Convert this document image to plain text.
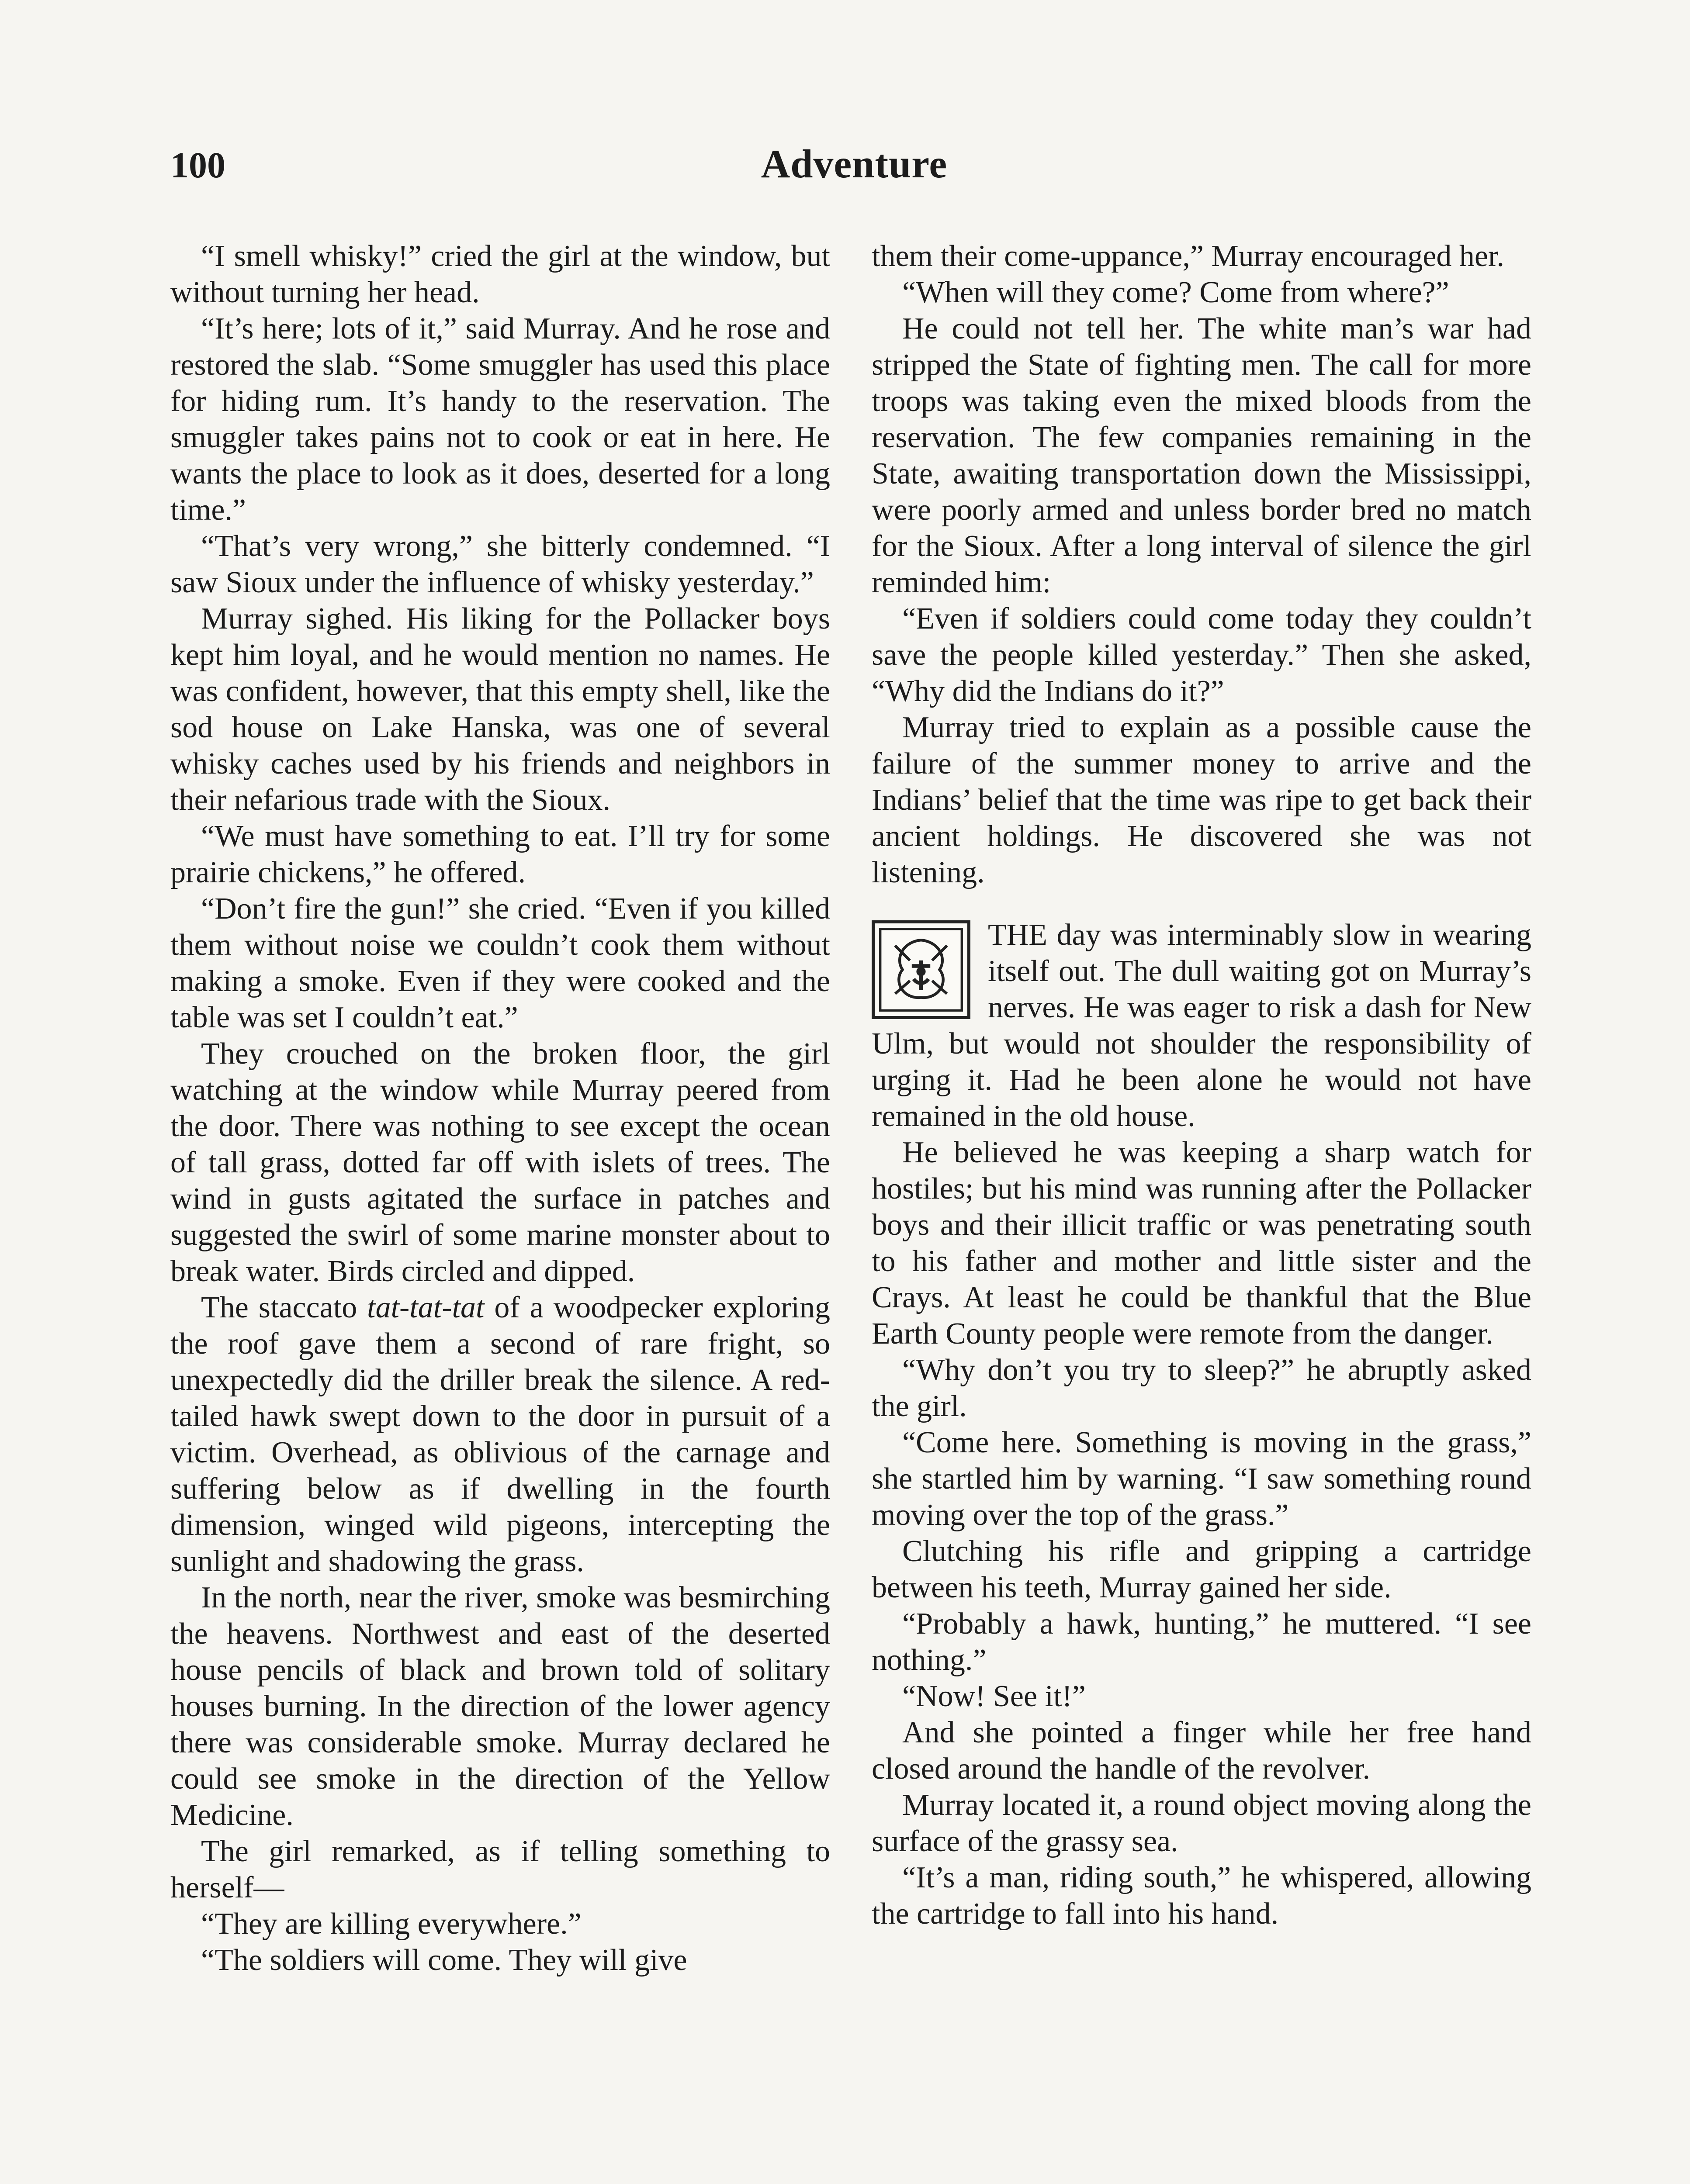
100	Adventure

“I smell whisky!” cried the girl at the window, but without turning her head.

“It’s here; lots of it,” said Murray. And he rose and restored the slab. “Some smuggler has used this place for hiding rum. It’s handy to the reservation. The smuggler takes pains not to cook or eat in here. He wants the place to look as it does, deserted for a long time.”

“That’s very wrong,” she bitterly condemned. “I saw Sioux under the influence of whisky yesterday.”

Murray sighed. His liking for the Pollacker boys kept him loyal, and he would mention no names. He was confident, however, that this empty shell, like the sod house on Lake Hanska, was one of several whisky caches used by his friends and neighbors in their nefarious trade with the Sioux.

“We must have something to eat. I’ll try for some prairie chickens,” he offered.

“Don’t fire the gun!” she cried. “Even if you killed them without noise we couldn’t cook them without making a smoke. Even if they were cooked and the table was set I couldn’t eat.”

They crouched on the broken floor, the girl watching at the window while Murray peered from the door. There was nothing to see except the ocean of tall grass, dotted far off with islets of trees. The wind in gusts agitated the surface in patches and suggested the swirl of some marine monster about to break water. Birds circled and dipped.

The staccato tat-tat-tat of a woodpecker exploring the roof gave them a second of rare fright, so unexpectedly did the driller break the silence. A red-tailed hawk swept down to the door in pursuit of a victim. Overhead, as oblivious of the carnage and suffering below as if dwelling in the fourth dimension, winged wild pigeons, intercepting the sunlight and shadowing the grass.

In the north, near the river, smoke was besmirching the heavens. Northwest and east of the deserted house pencils of black and brown told of solitary houses burning. In the direction of the lower agency there was considerable smoke. Murray declared he could see smoke in the direction of the Yellow Medicine.

The girl remarked, as if telling something to herself—

“They are killing everywhere.”

“The soldiers will come. They will give

them their come-uppance,” Murray encouraged her.

“When will they come? Come from where?”

He could not tell her. The white man’s war had stripped the State of fighting men. The call for more troops was taking even the mixed bloods from the reservation. The few companies remaining in the State, awaiting transportation down the Mississippi, were poorly armed and unless border bred no match for the Sioux. After a long interval of silence the girl reminded him:

“Even if soldiers could come today they couldn’t save the people killed yesterday.” Then she asked, “Why did the Indians do it?”

Murray tried to explain as a possible cause the failure of the summer money to arrive and the Indians’ belief that the time was ripe to get back their ancient holdings. He discovered she was not listening.

THE day was interminably slow in wearing itself out. The dull waiting got on Murray’s nerves. He was eager to risk a dash for New Ulm, but would not shoulder the responsibility of urging it. Had he been alone he would not have remained in the old house.

He believed he was keeping a sharp watch for hostiles; but his mind was running after the Pollacker boys and their illicit traffic or was penetrating south to his father and mother and little sister and the Crays. At least he could be thankful that the Blue Earth County people were remote from the danger.

“Why don’t you try to sleep?” he abruptly asked the girl.

“Come here. Something is moving in the grass,” she startled him by warning. “I saw something round moving over the top of the grass.”

Clutching his rifle and gripping a cartridge between his teeth, Murray gained her side.

“Probably a hawk, hunting,” he muttered. “I see nothing.”

“Now! See it!”

And she pointed a finger while her free hand closed around the handle of the revolver.

Murray located it, a round object moving along the surface of the grassy sea.

“It’s a man, riding south,” he whispered, allowing the cartridge to fall into his hand.
